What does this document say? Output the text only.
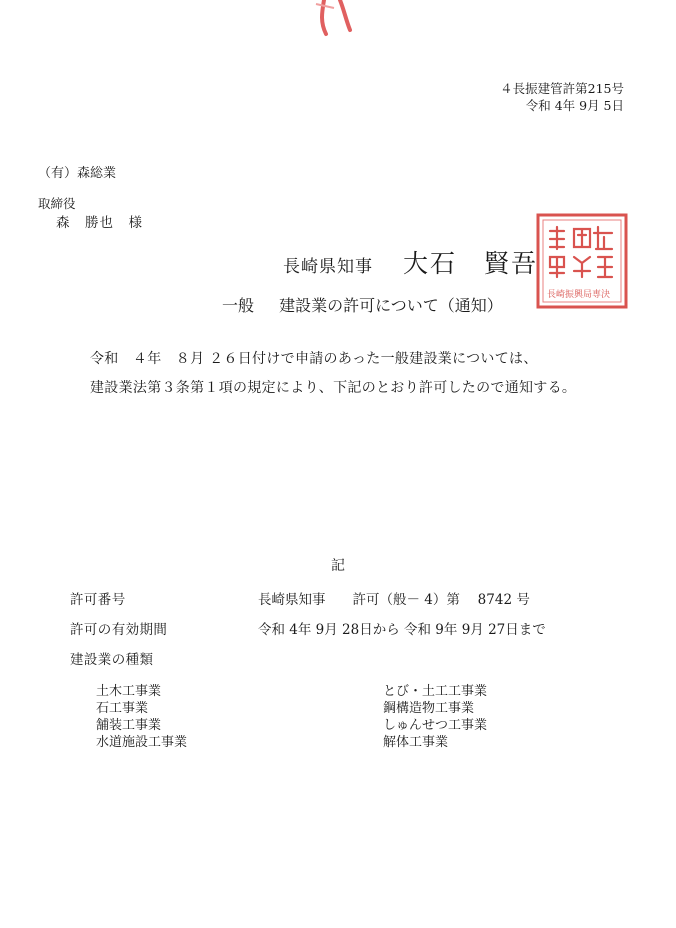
４長振建管許第215号
令和 4年 9月 5日
（有）森総業
取締役
森　勝也　様
長崎県知事 大石　賢吾
長崎振興局専決
一般 建設業の許可について（通知）
令和　４年　８月 ２６日付けで申請のあった一般建設業については、
建設業法第３条第１項の規定により、下記のとおり許可したので通知する。
記
許可番号	長崎県知事　　許可（般－ 4）第　 8742 号
許可の有効期間	令和 4年 9月 28日から 令和 9年 9月 27日まで
建設業の種類
土木工事業
石工事業
舗装工事業
水道施設工事業
とび・土工工事業
鋼構造物工事業
しゅんせつ工事業
解体工事業
